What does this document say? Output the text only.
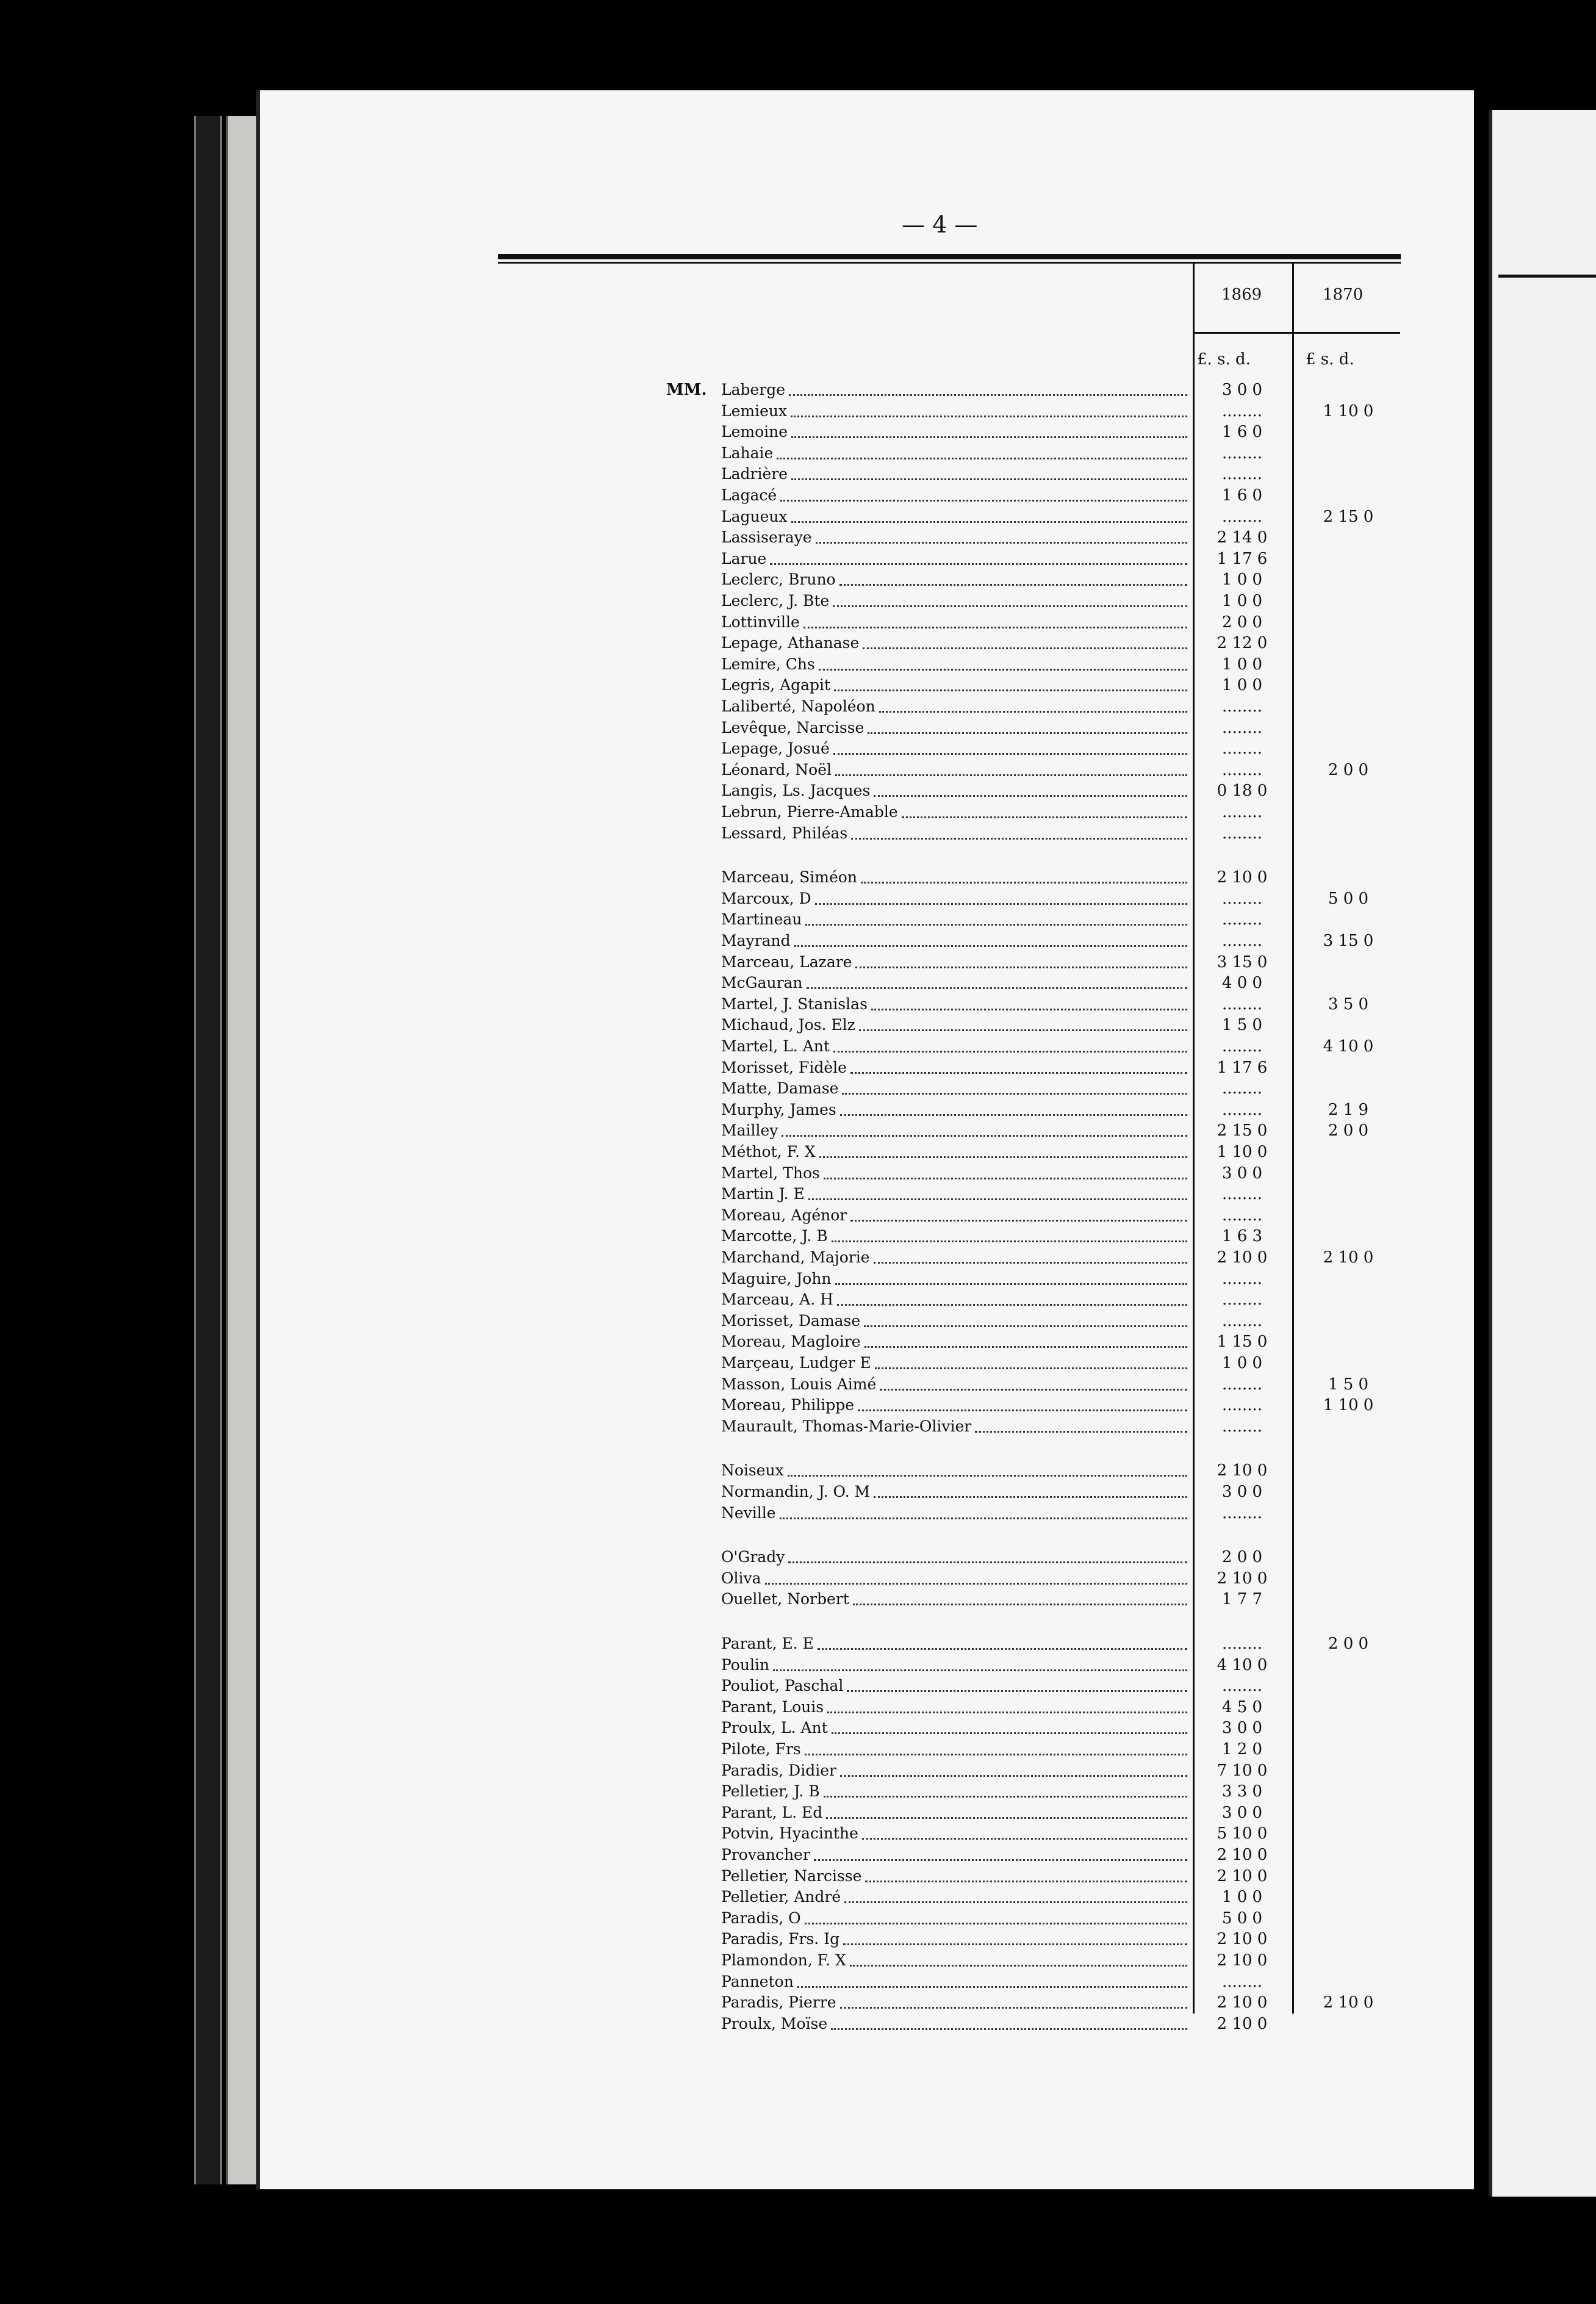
— 4 —
1869	1870
£. s. d.	£ s. d.
MM. Laberge	3 0 0
Lemieux	........	1 10 0
Lemoine	1 6 0
Lahaie	........
Ladrière	........
Lagacé	1 6 0
Lagueux	........	2 15 0
Lassiseraye	2 14 0
Larue	1 17 6
Leclerc, Bruno	1 0 0
Leclerc, J. Bte	1 0 0
Lottinville	2 0 0
Lepage, Athanase	2 12 0
Lemire, Chs	1 0 0
Legris, Agapit	1 0 0
Laliberté, Napoléon	........
Levêque, Narcisse	........
Lepage, Josué	........
Léonard, Noël	........	2 0 0
Langis, Ls. Jacques	0 18 0
Lebrun, Pierre-Amable	........
Lessard, Philéas	........
Marceau, Siméon	2 10 0
Marcoux, D	........	5 0 0
Martineau	........
Mayrand	........	3 15 0
Marceau, Lazare	3 15 0
McGauran	4 0 0
Martel, J. Stanislas	........	3 5 0
Michaud, Jos. Elz	1 5 0
Martel, L. Ant	........	4 10 0
Morisset, Fidèle	1 17 6
Matte, Damase	........
Murphy, James	........	2 1 9
Mailley	2 15 0	2 0 0
Méthot, F. X	1 10 0
Martel, Thos	3 0 0
Martin J. E	........
Moreau, Agénor	........
Marcotte, J. B	1 6 3
Marchand, Majorie	2 10 0	2 10 0
Maguire, John	........
Marceau, A. H	........
Morisset, Damase	........
Moreau, Magloire	1 15 0
Marçeau, Ludger E	1 0 0
Masson, Louis Aimé	........	1 5 0
Moreau, Philippe	........	1 10 0
Maurault, Thomas-Marie-Olivier	........
Noiseux	2 10 0
Normandin, J. O. M	3 0 0
Neville	........
O'Grady	2 0 0
Oliva	2 10 0
Ouellet, Norbert	1 7 7
Parant, E. E	........	2 0 0
Poulin	4 10 0
Pouliot, Paschal	........
Parant, Louis	4 5 0
Proulx, L. Ant	3 0 0
Pilote, Frs	1 2 0
Paradis, Didier	7 10 0
Pelletier, J. B	3 3 0
Parant, L. Ed	3 0 0
Potvin, Hyacinthe	5 10 0
Provancher	2 10 0
Pelletier, Narcisse	2 10 0
Pelletier, André	1 0 0
Paradis, O	5 0 0
Paradis, Frs. Ig	2 10 0
Plamondon, F. X	2 10 0
Panneton	........
Paradis, Pierre	2 10 0	2 10 0
Proulx, Moïse	2 10 0
